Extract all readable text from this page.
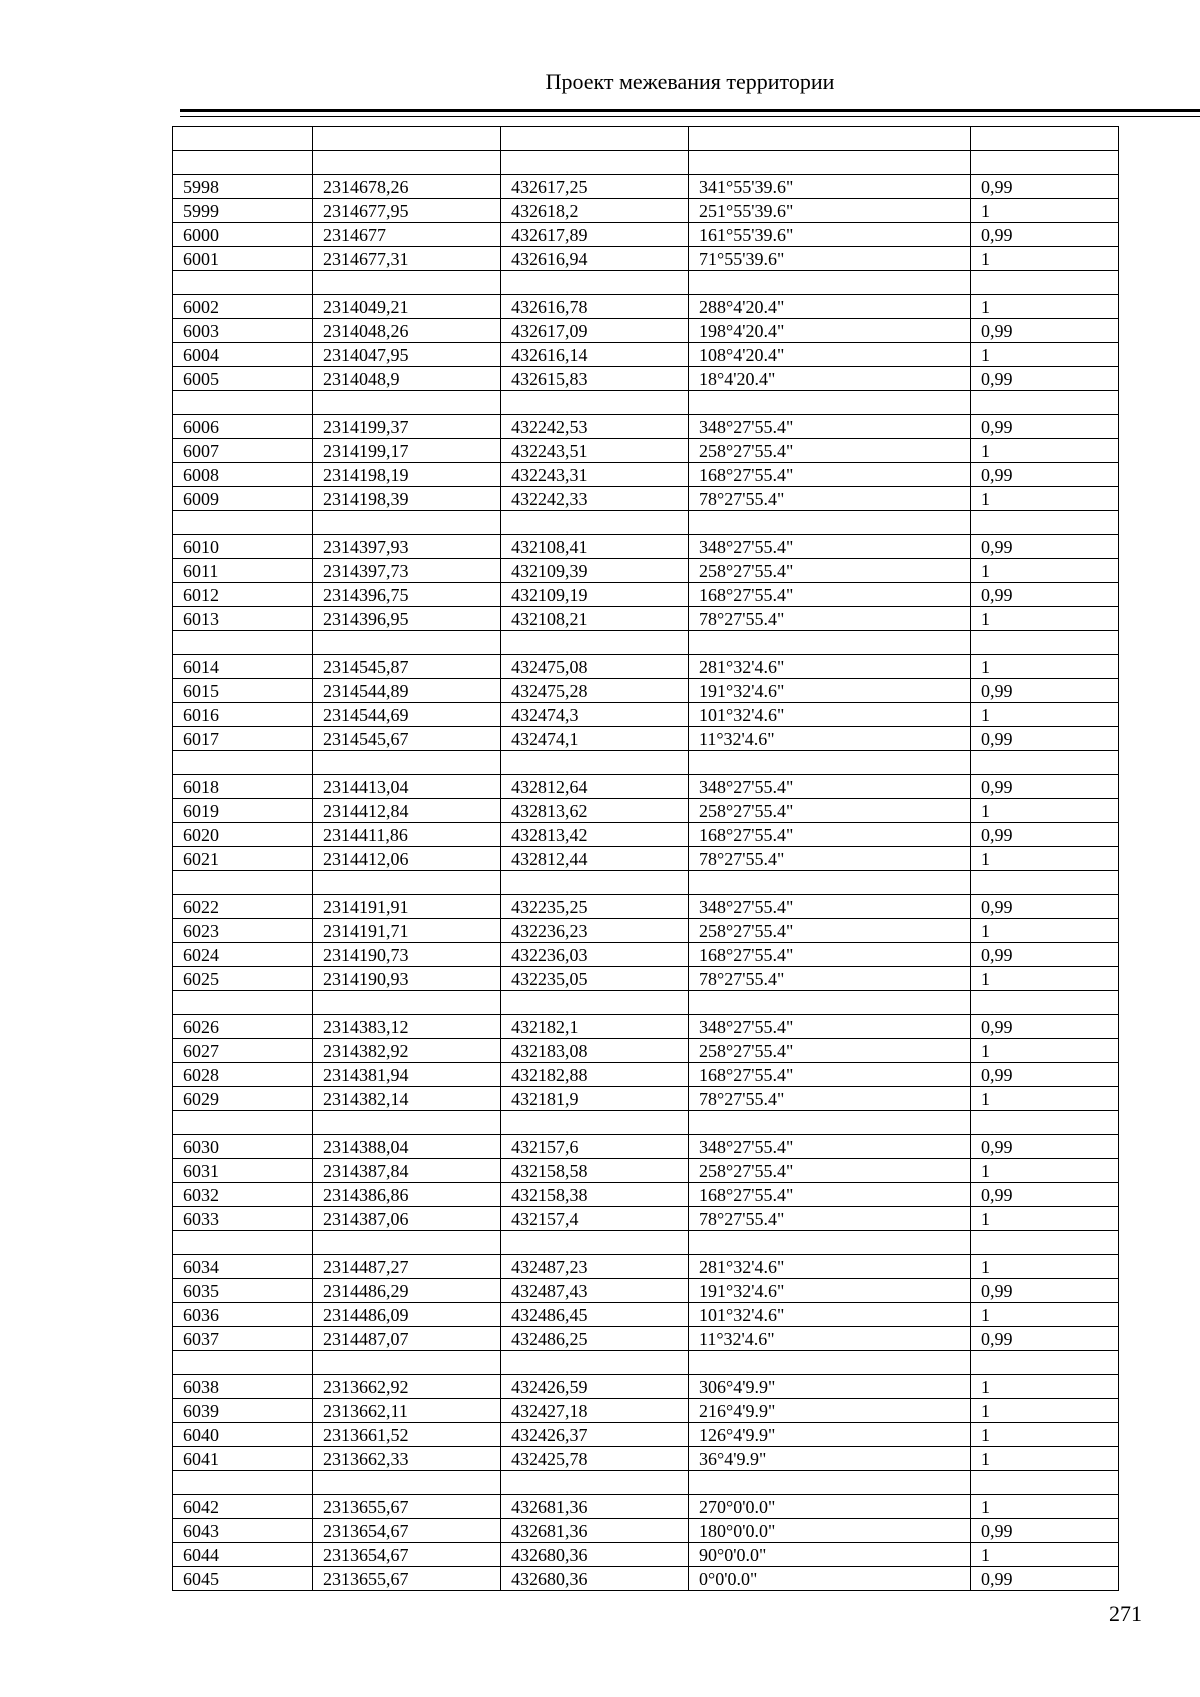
Проект межевания территории

5998	2314678,26	432617,25	341°55'39.6"	0,99
5999	2314677,95	432618,2	251°55'39.6"	1
6000	2314677	432617,89	161°55'39.6"	0,99
6001	2314677,31	432616,94	71°55'39.6"	1

6002	2314049,21	432616,78	288°4'20.4"	1
6003	2314048,26	432617,09	198°4'20.4"	0,99
6004	2314047,95	432616,14	108°4'20.4"	1
6005	2314048,9	432615,83	18°4'20.4"	0,99

6006	2314199,37	432242,53	348°27'55.4"	0,99
6007	2314199,17	432243,51	258°27'55.4"	1
6008	2314198,19	432243,31	168°27'55.4"	0,99
6009	2314198,39	432242,33	78°27'55.4"	1

6010	2314397,93	432108,41	348°27'55.4"	0,99
6011	2314397,73	432109,39	258°27'55.4"	1
6012	2314396,75	432109,19	168°27'55.4"	0,99
6013	2314396,95	432108,21	78°27'55.4"	1

6014	2314545,87	432475,08	281°32'4.6"	1
6015	2314544,89	432475,28	191°32'4.6"	0,99
6016	2314544,69	432474,3	101°32'4.6"	1
6017	2314545,67	432474,1	11°32'4.6"	0,99

6018	2314413,04	432812,64	348°27'55.4"	0,99
6019	2314412,84	432813,62	258°27'55.4"	1
6020	2314411,86	432813,42	168°27'55.4"	0,99
6021	2314412,06	432812,44	78°27'55.4"	1

6022	2314191,91	432235,25	348°27'55.4"	0,99
6023	2314191,71	432236,23	258°27'55.4"	1
6024	2314190,73	432236,03	168°27'55.4"	0,99
6025	2314190,93	432235,05	78°27'55.4"	1

6026	2314383,12	432182,1	348°27'55.4"	0,99
6027	2314382,92	432183,08	258°27'55.4"	1
6028	2314381,94	432182,88	168°27'55.4"	0,99
6029	2314382,14	432181,9	78°27'55.4"	1

6030	2314388,04	432157,6	348°27'55.4"	0,99
6031	2314387,84	432158,58	258°27'55.4"	1
6032	2314386,86	432158,38	168°27'55.4"	0,99
6033	2314387,06	432157,4	78°27'55.4"	1

6034	2314487,27	432487,23	281°32'4.6"	1
6035	2314486,29	432487,43	191°32'4.6"	0,99
6036	2314486,09	432486,45	101°32'4.6"	1
6037	2314487,07	432486,25	11°32'4.6"	0,99

6038	2313662,92	432426,59	306°4'9.9"	1
6039	2313662,11	432427,18	216°4'9.9"	1
6040	2313661,52	432426,37	126°4'9.9"	1
6041	2313662,33	432425,78	36°4'9.9"	1

6042	2313655,67	432681,36	270°0'0.0"	1
6043	2313654,67	432681,36	180°0'0.0"	0,99
6044	2313654,67	432680,36	90°0'0.0"	1
6045	2313655,67	432680,36	0°0'0.0"	0,99
271
